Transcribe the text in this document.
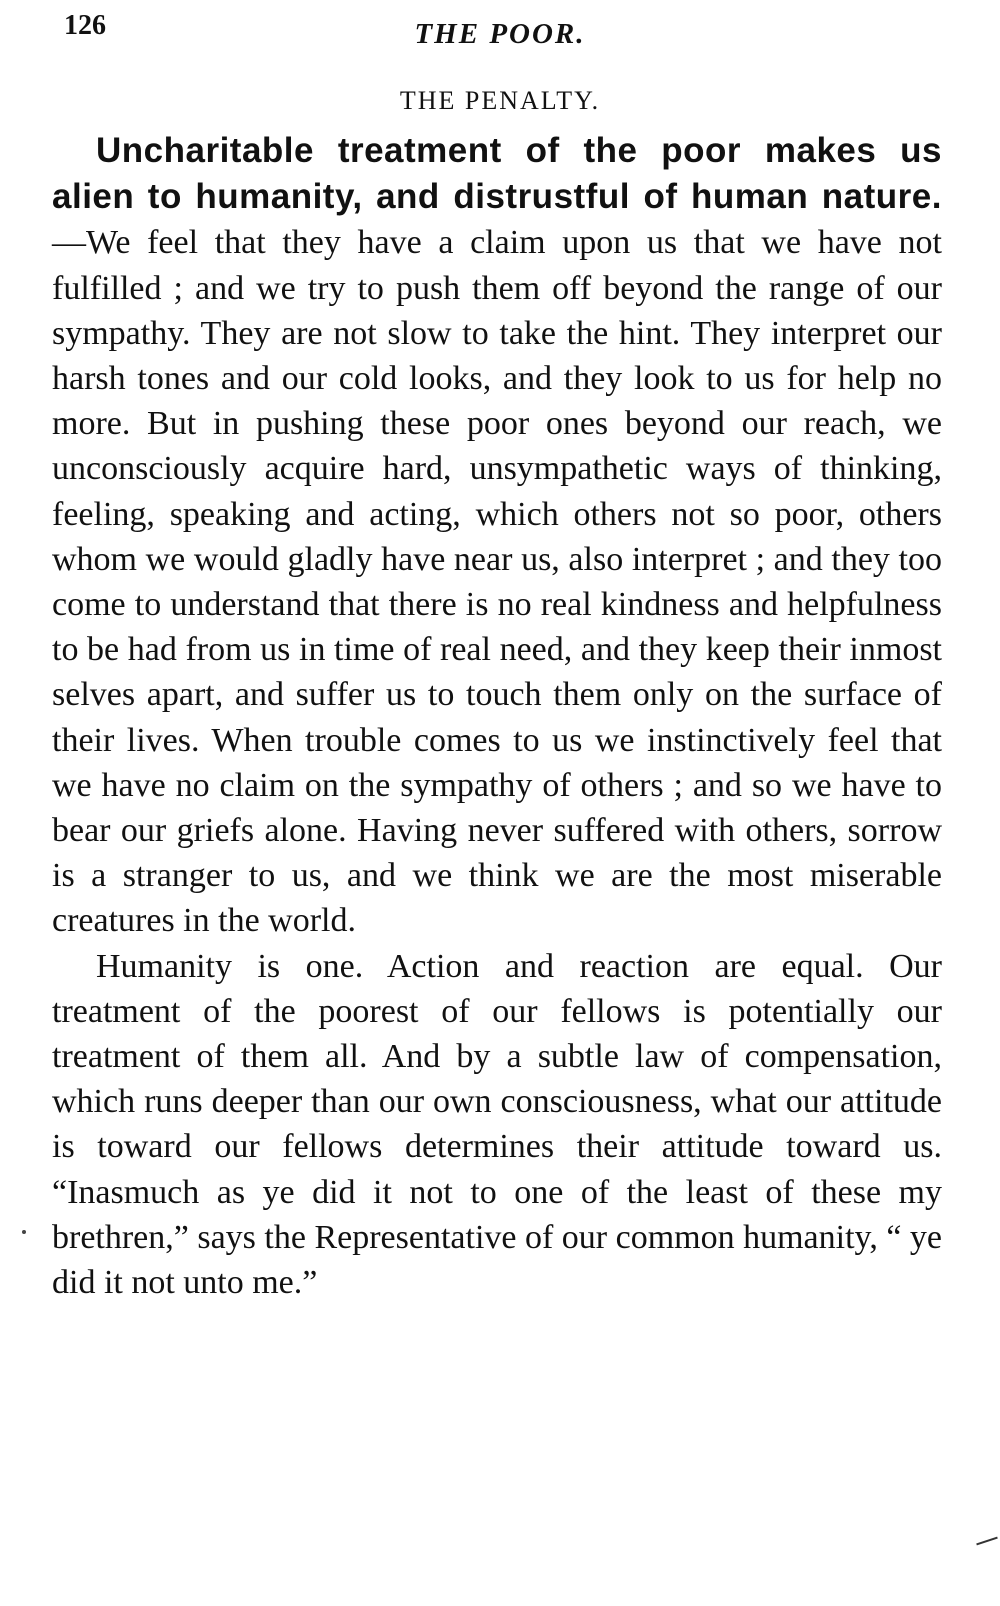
126	THE POOR.
THE PENALTY.

Uncharitable treatment of the poor makes us alien to humanity, and distrustful of human nature.—We feel that they have a claim upon us that we have not fulfilled ; and we try to push them off beyond the range of our sympathy. They are not slow to take the hint. They interpret our harsh tones and our cold looks, and they look to us for help no more. But in pushing these poor ones beyond our reach, we unconsciously acquire hard, unsympathetic ways of thinking, feeling, speaking and acting, which others not so poor, others whom we would gladly have near us, also interpret ; and they too come to understand that there is no real kindness and helpfulness to be had from us in time of real need, and they keep their inmost selves apart, and suffer us to touch them only on the surface of their lives. When trouble comes to us we instinctively feel that we have no claim on the sympathy of others ; and so we have to bear our griefs alone. Having never suffered with others, sorrow is a stranger to us, and we think we are the most miserable creatures in the world.

Humanity is one. Action and reaction are equal. Our treatment of the poorest of our fellows is potentially our treatment of them all. And by a subtle law of compensation, which runs deeper than our own consciousness, what our attitude is toward our fellows determines their attitude toward us. “Inasmuch as ye did it not to one of the least of these my brethren,” says the Representative of our common humanity, “ ye did it not unto me.”
